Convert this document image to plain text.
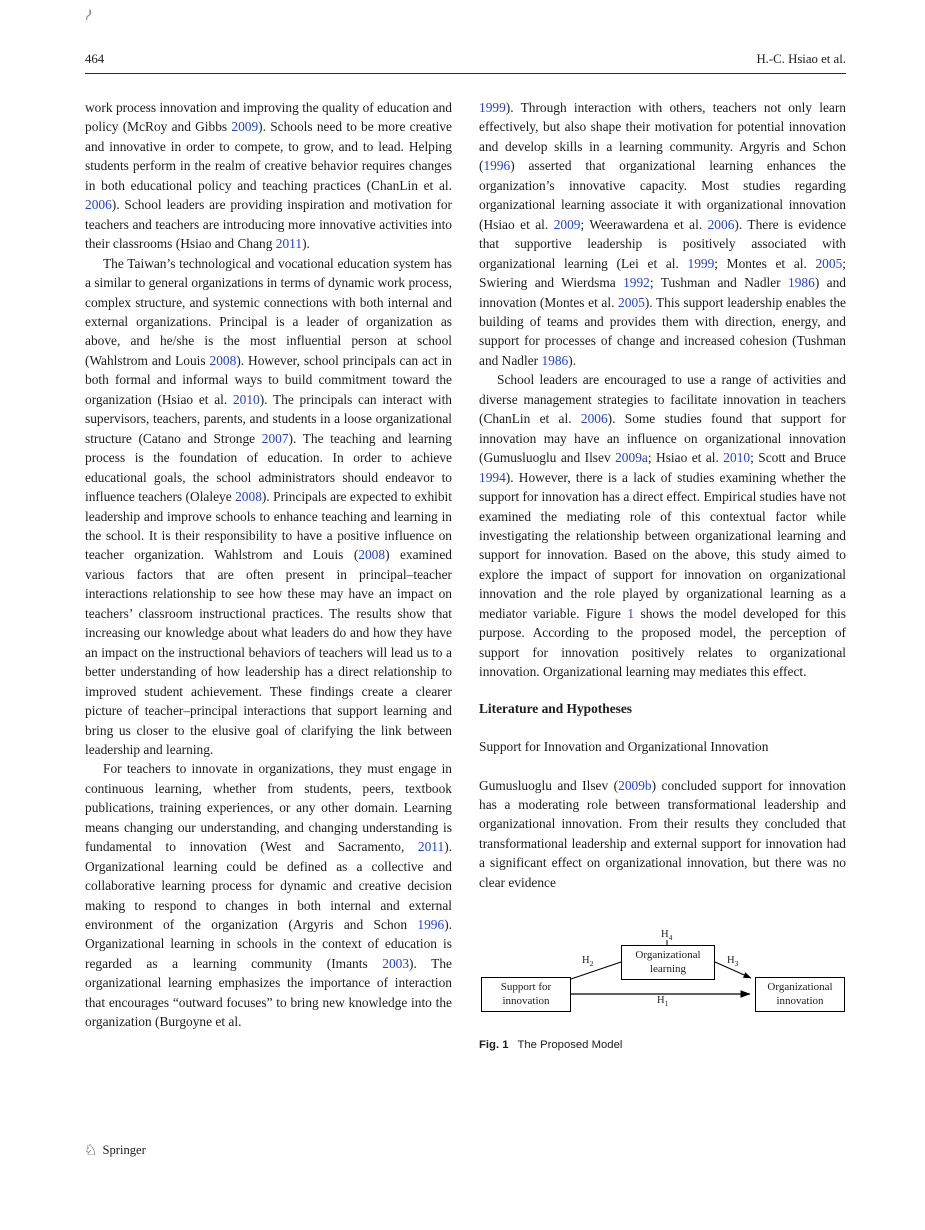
464	H.-C. Hsiao et al.

work process innovation and improving the quality of education and policy (McRoy and Gibbs 2009). Schools need to be more creative and innovative in order to compete, to grow, and to lead. Helping students perform in the realm of creative behavior requires changes in both educational policy and teaching practices (ChanLin et al. 2006). School leaders are providing inspiration and motivation for teachers and teachers are introducing more innovative activities into their classrooms (Hsiao and Chang 2011).

The Taiwan’s technological and vocational education system has a similar to general organizations in terms of dynamic work process, complex structure, and systemic connections with both internal and external organizations. Principal is a leader of organization as above, and he/she is the most influential person at school (Wahlstrom and Louis 2008). However, school principals can act in both formal and informal ways to build commitment toward the organization (Hsiao et al. 2010). The principals can interact with supervisors, teachers, parents, and students in a loose organizational structure (Catano and Stronge 2007). The teaching and learning process is the foundation of education. In order to achieve educational goals, the school administrators should endeavor to influence teachers (Olaleye 2008). Principals are expected to exhibit leadership and improve schools to enhance teaching and learning in the school. It is their responsibility to have a positive influence on teacher organization. Wahlstrom and Louis (2008) examined various factors that are often present in principal–teacher interactions relationship to see how these may have an impact on teachers’ classroom instructional practices. The results show that increasing our knowledge about what leaders do and how they have an impact on the instructional behaviors of teachers will lead us to a better understanding of how leadership has a direct relationship to improved student achievement. These findings create a clearer picture of teacher–principal interactions that support learning and bring us closer to the elusive goal of clarifying the link between leadership and learning.

For teachers to innovate in organizations, they must engage in continuous learning, whether from students, peers, textbook publications, training experiences, or any other domain. Learning means changing our understanding, and changing understanding is fundamental to innovation (West and Sacramento, 2011). Organizational learning could be defined as a collective and collaborative learning process for dynamic and creative decision making to respond to changes in both internal and external environment of the organization (Argyris and Schon 1996). Organizational learning in schools in the context of education is regarded as a learning community (Imants 2003). The organizational learning emphasizes the importance of interaction that encourages “outward focuses” to bring new knowledge into the organization (Burgoyne et al.

1999). Through interaction with others, teachers not only learn effectively, but also shape their motivation for potential innovation and develop skills in a learning community. Argyris and Schon (1996) asserted that organizational learning enhances the organization’s innovative capacity. Most studies regarding organizational learning associate it with organizational innovation (Hsiao et al. 2009; Weerawardena et al. 2006). There is evidence that supportive leadership is positively associated with organizational learning (Lei et al. 1999; Montes et al. 2005; Swiering and Wierdsma 1992; Tushman and Nadler 1986) and innovation (Montes et al. 2005). This support leadership enables the building of teams and provides them with direction, energy, and support for processes of change and increased cohesion (Tushman and Nadler 1986).

School leaders are encouraged to use a range of activities and diverse management strategies to facilitate innovation in teachers (ChanLin et al. 2006). Some studies found that support for innovation may have an influence on organizational innovation (Gumusluoglu and Ilsev 2009a; Hsiao et al. 2010; Scott and Bruce 1994). However, there is a lack of studies examining whether the support for innovation has a direct effect. Empirical studies have not examined the mediating role of this contextual factor while investigating the relationship between organizational learning and support for innovation. Based on the above, this study aimed to explore the impact of support for innovation on organizational innovation and the role played by organizational learning as a mediator variable. Figure 1 shows the model developed for this purpose. According to the proposed model, the perception of support for innovation positively relates to organizational innovation. Organizational learning may mediates this effect.

Literature and Hypotheses
Support for Innovation and Organizational Innovation

Gumusluoglu and Ilsev (2009b) concluded support for innovation has a moderating role between transformational leadership and organizational innovation. From their results they concluded that transformational leadership and external support for innovation had a significant effect on organizational innovation, but there was no clear evidence

$H_4$
$H_2$	$H_3$
$H_1$
Support for
innovation
Organizational
learning
Organizational
innovation
Fig. 1 The Proposed Model
♘ Springer
